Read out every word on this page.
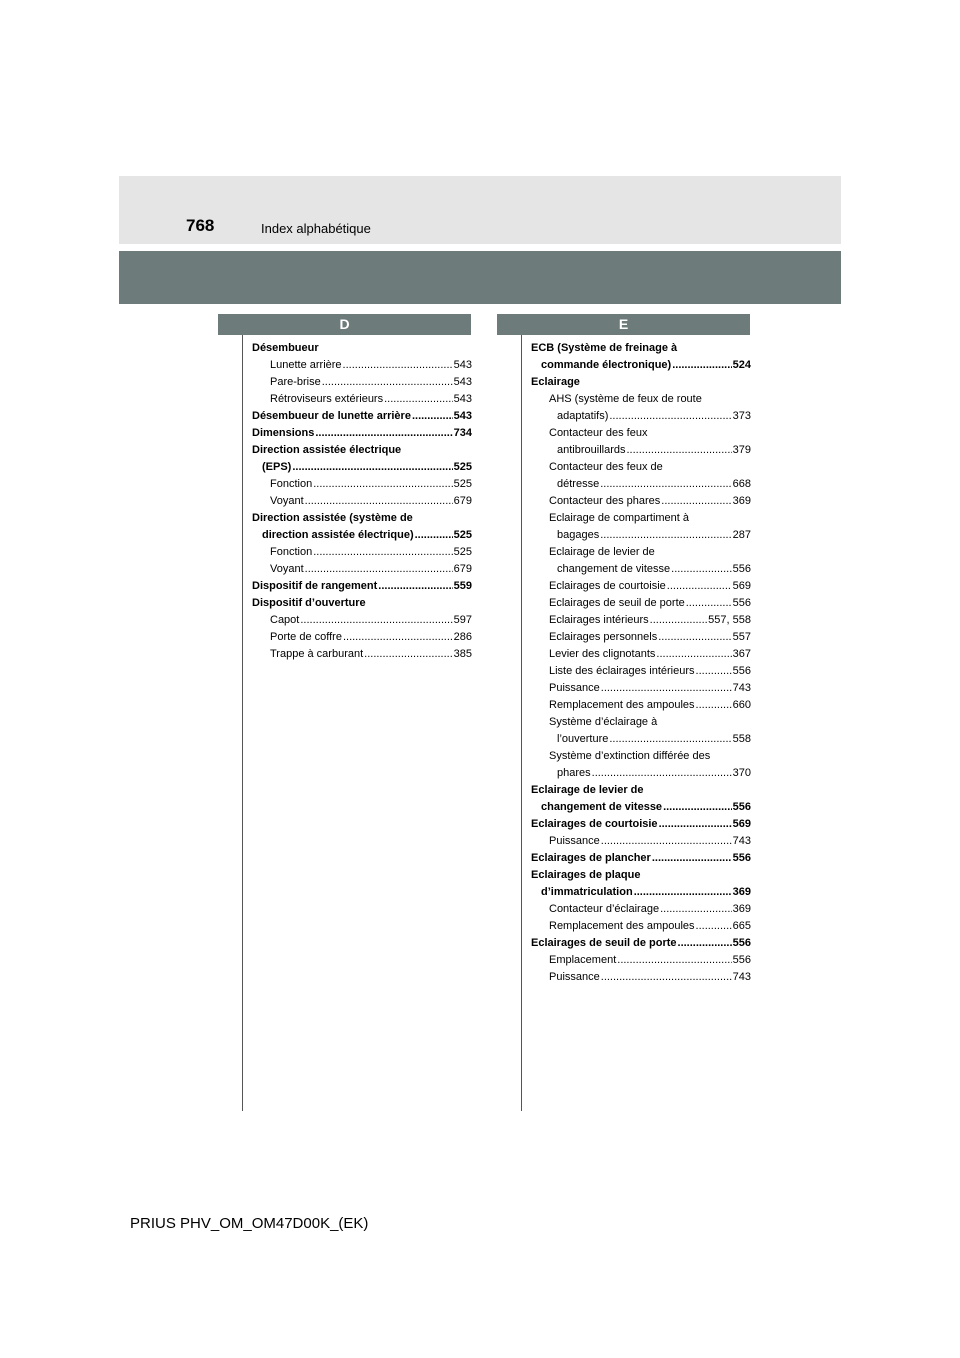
768	Index alphabétique
D	E
Désembueur
Lunette arrière .....	543
Pare-brise .....	543
Rétroviseurs extérieurs .....	543
Désembueur de lunette arrière .....	543
Dimensions .....	734
Direction assistée électrique
(EPS) .....	525
Fonction .....	525
Voyant .....	679
Direction assistée (système de
direction assistée électrique) .....	525
Fonction .....	525
Voyant .....	679
Dispositif de rangement .....	559
Dispositif d’ouverture
Capot .....	597
Porte de coffre .....	286
Trappe à carburant .....	385
ECB (Système de freinage à
commande électronique) .....	524
Eclairage
AHS (système de feux de route
adaptatifs) .....	373
Contacteur des feux
antibrouillards .....	379
Contacteur des feux de
détresse .....	668
Contacteur des phares .....	369
Eclairage de compartiment à
bagages .....	287
Eclairage de levier de
changement de vitesse .....	556
Eclairages de courtoisie .....	569
Eclairages de seuil de porte .....	556
Eclairages intérieurs .....	557, 558
Eclairages personnels .....	557
Levier des clignotants .....	367
Liste des éclairages intérieurs .....	556
Puissance .....	743
Remplacement des ampoules .....	660
Système d’éclairage à
l’ouverture .....	558
Système d’extinction différée des
phares .....	370
Eclairage de levier de
changement de vitesse .....	556
Eclairages de courtoisie .....	569
Puissance .....	743
Eclairages de plancher .....	556
Eclairages de plaque
d’immatriculation .....	369
Contacteur d’éclairage .....	369
Remplacement des ampoules .....	665
Eclairages de seuil de porte .....	556
Emplacement .....	556
Puissance .....	743
PRIUS PHV_OM_OM47D00K_(EK)
